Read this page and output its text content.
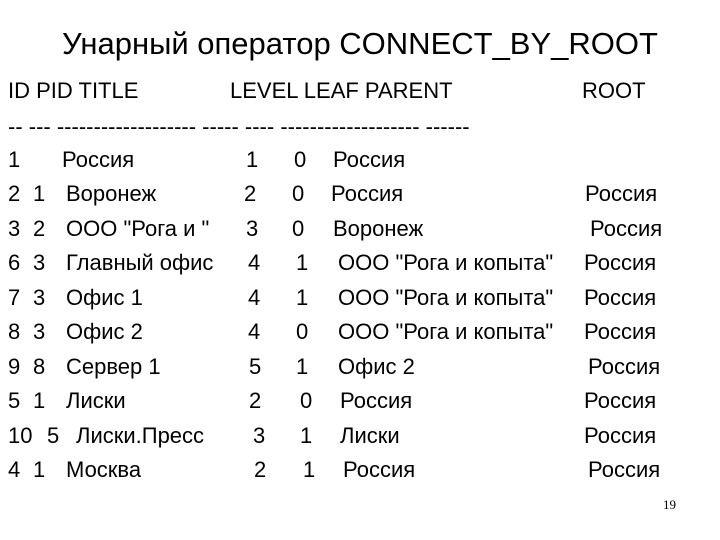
Унарный оператор CONNECT_BY_ROOT
ID PID TITLE	LEVEL LEAF PARENT	ROOT
-- --- ------------------- ----- ---- ------------------- ------
1 Россия	1 0 Россия
2 1 Воронеж	2 0 Россия	Россия
3 2 ООО "Рога и " 3 0 Воронеж	Россия
6 3 Главный офис 4 1 ООО "Рога и копыта" Россия
7 3 Офис 1	4 1 ООО "Рога и копыта" Россия
8 3 Офис 2	4 0 ООО "Рога и копыта" Россия
9 8 Сервер 1	5 1 Офис 2	Россия
5 1 Лиски	2 0 Россия	Россия
10 5 Лиски.Пресс 3 1 Лиски	Россия
4 1 Москва	2 1 Россия	Россия
19
